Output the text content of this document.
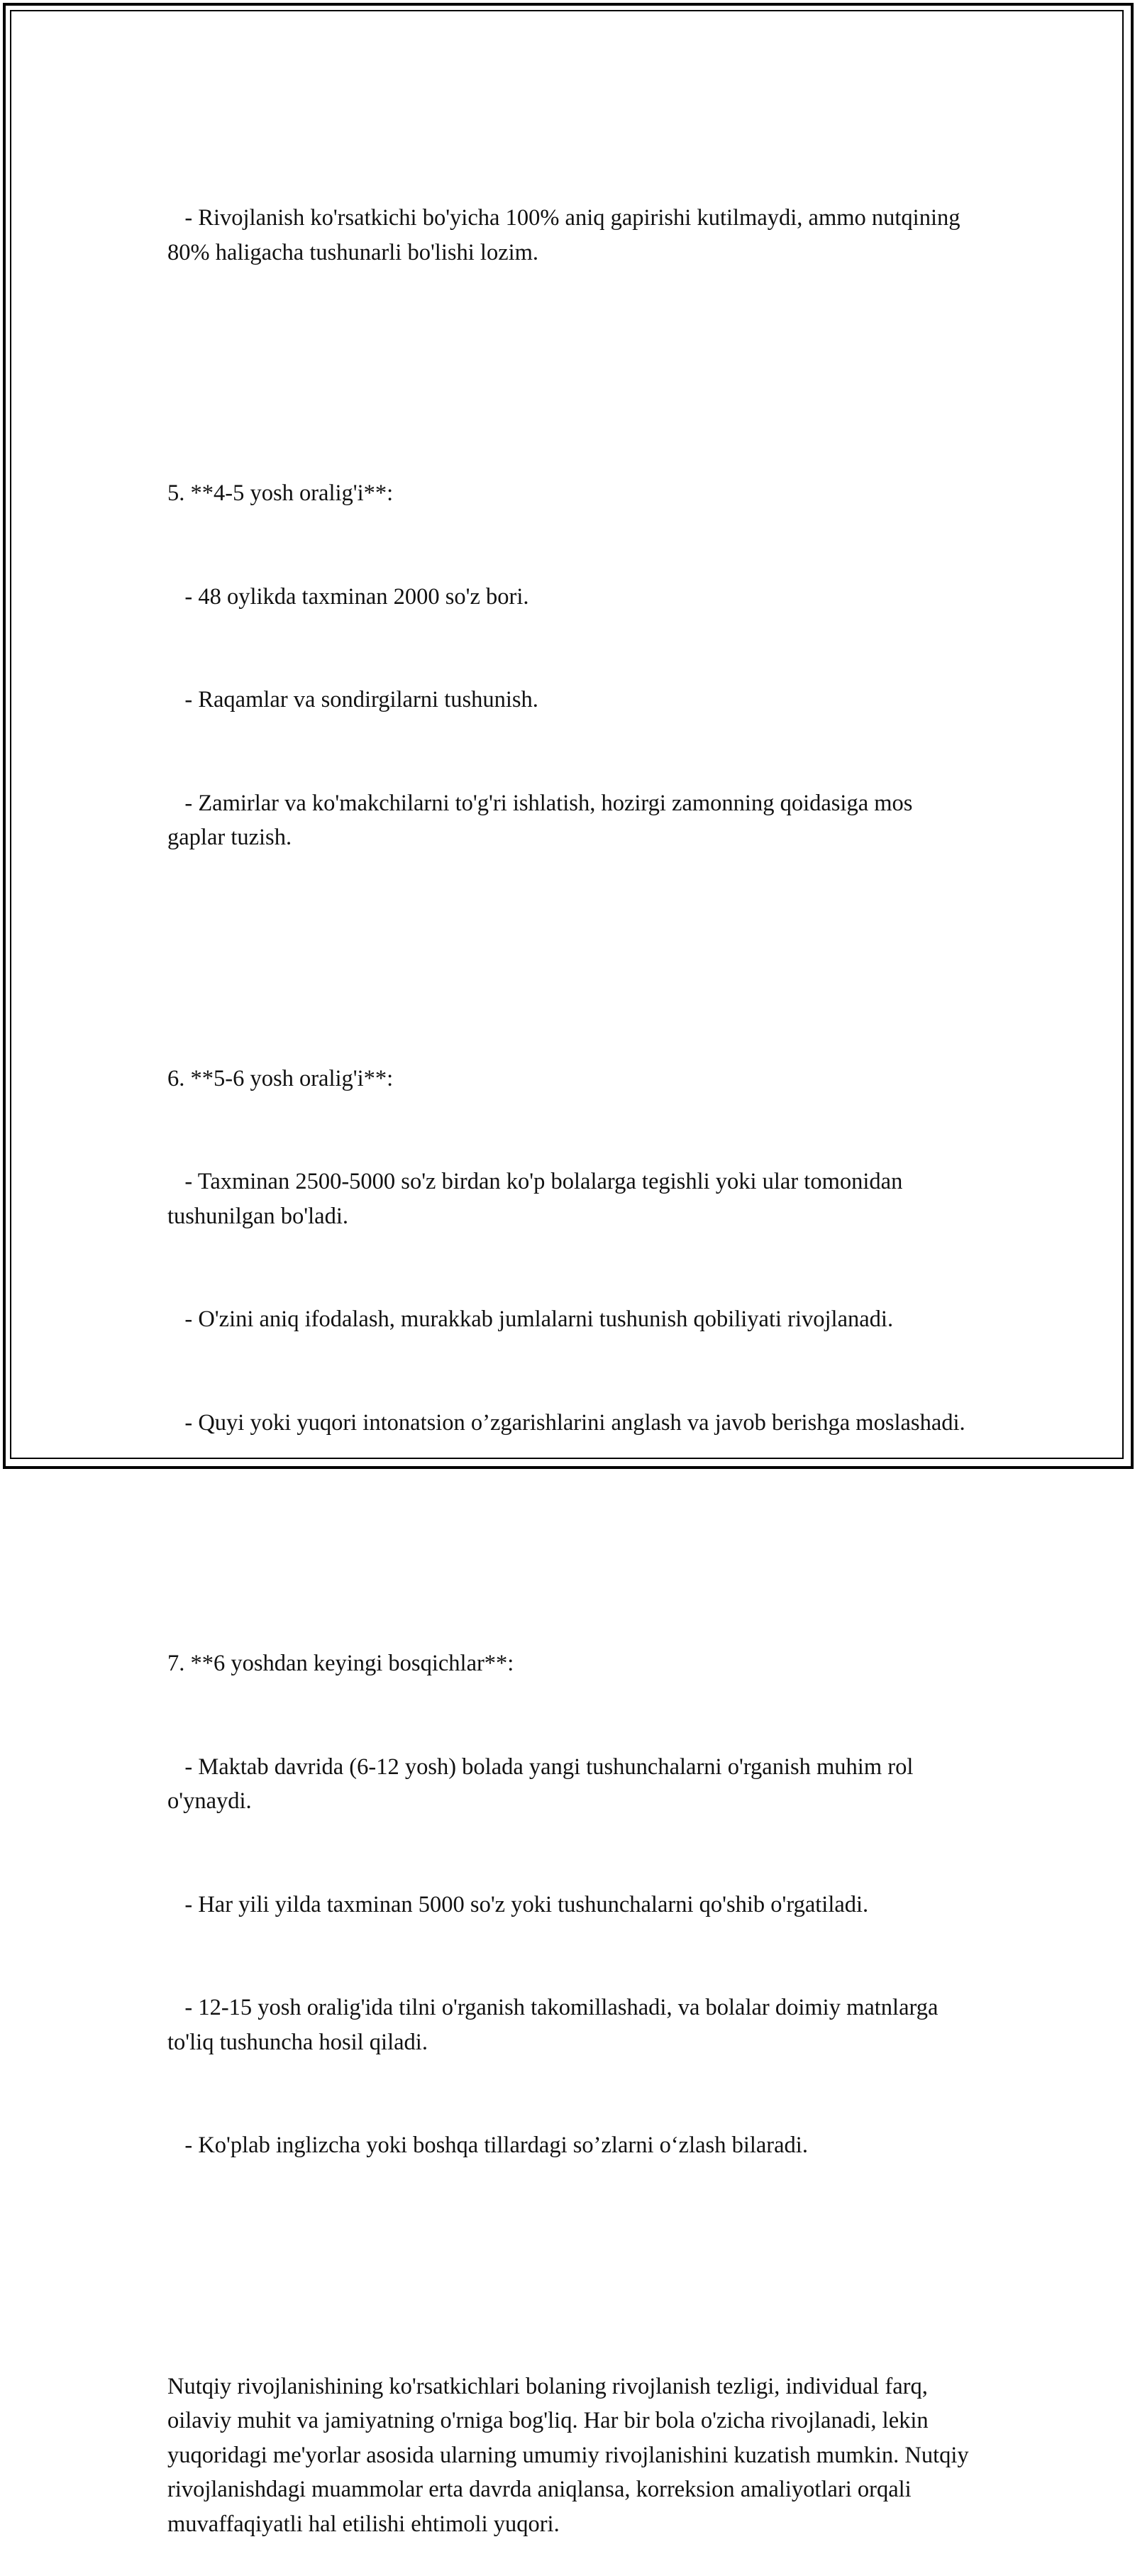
- Rivojlanish ko'rsatkichi bo'yicha 100% aniq gapirishi kutilmaydi, ammo nutqining 80% haligacha tushunarli bo'lishi lozim.

5. **4-5 yosh oralig'i**:

- 48 oylikda taxminan 2000 so'z bori.

- Raqamlar va sondirgilarni tushunish.

- Zamirlar va ko'makchilarni to'g'ri ishlatish, hozirgi zamonning qoidasiga mos gaplar tuzish.

6. **5-6 yosh oralig'i**:

- Taxminan 2500-5000 so'z birdan ko'p bolalarga tegishli yoki ular tomonidan tushunilgan bo'ladi.

- O'zini aniq ifodalash, murakkab jumlalarni tushunish qobiliyati rivojlanadi.

- Quyi yoki yuqori intonatsion o’zgarishlarini anglash va javob berishga moslashadi.

7. **6 yoshdan keyingi bosqichlar**:

- Maktab davrida (6-12 yosh) bolada yangi tushunchalarni o'rganish muhim rol o'ynaydi.

- Har yili yilda taxminan 5000 so'z yoki tushunchalarni qo'shib o'rgatiladi.

- 12-15 yosh oralig'ida tilni o'rganish takomillashadi, va bolalar doimiy matnlarga to'liq tushuncha hosil qiladi.

- Ko'plab inglizcha yoki boshqa tillardagi so’zlarni o‘zlash bilaradi.

Nutqiy rivojlanishining ko'rsatkichlari bolaning rivojlanish tezligi, individual farq, oilaviy muhit va jamiyatning o'rniga bog'liq. Har bir bola o'zicha rivojlanadi, lekin yuqoridagi me'yorlar asosida ularning umumiy rivojlanishini kuzatish mumkin. Nutqiy rivojlanishdagi muammolar erta davrda aniqlansa, korreksion amaliyotlari orqali muvaffaqiyatli hal etilishi ehtimoli yuqori.
